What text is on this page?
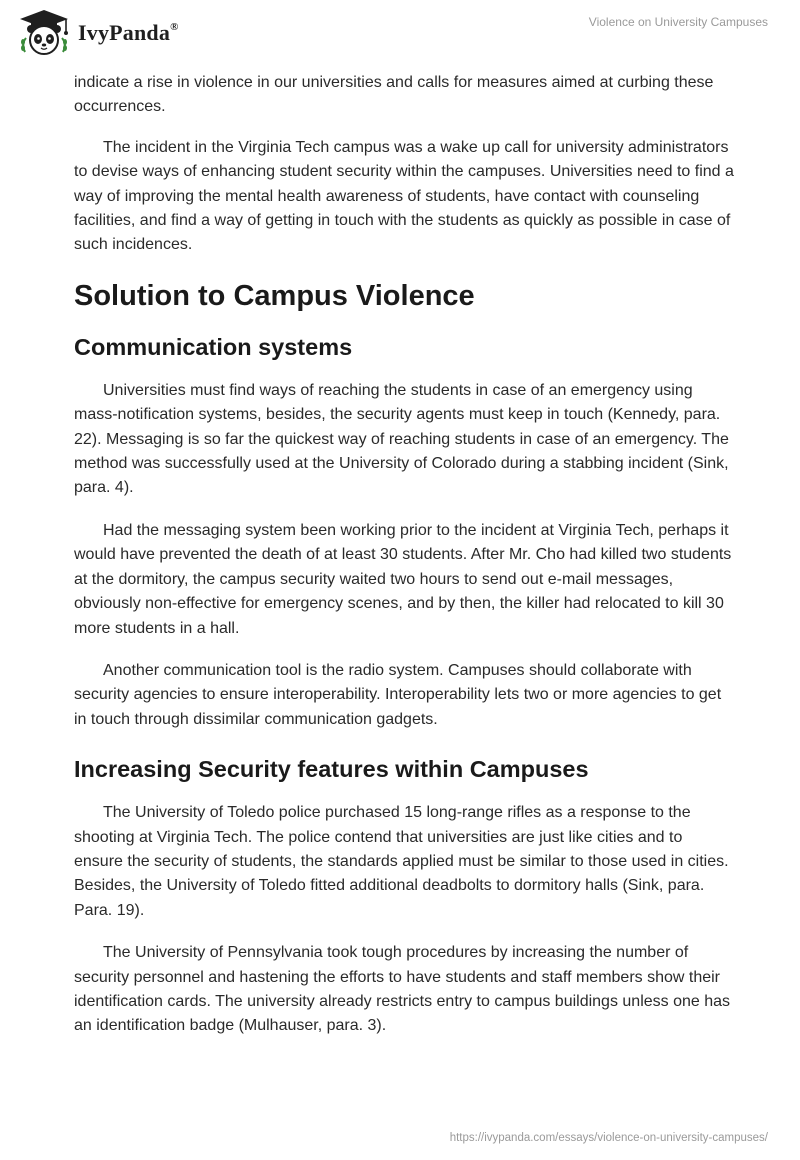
IvyPanda®	Violence on University Campuses

indicate a rise in violence in our universities and calls for measures aimed at curbing these occurrences.

The incident in the Virginia Tech campus was a wake up call for university administrators to devise ways of enhancing student security within the campuses. Universities need to find a way of improving the mental health awareness of students, have contact with counseling facilities, and find a way of getting in touch with the students as quickly as possible in case of such incidences.

Solution to Campus Violence
Communication systems

Universities must find ways of reaching the students in case of an emergency using mass-notification systems, besides, the security agents must keep in touch (Kennedy, para. 22). Messaging is so far the quickest way of reaching students in case of an emergency. The method was successfully used at the University of Colorado during a stabbing incident (Sink, para. 4).

Had the messaging system been working prior to the incident at Virginia Tech, perhaps it would have prevented the death of at least 30 students. After Mr. Cho had killed two students at the dormitory, the campus security waited two hours to send out e-mail messages, obviously non-effective for emergency scenes, and by then, the killer had relocated to kill 30 more students in a hall.

Another communication tool is the radio system. Campuses should collaborate with security agencies to ensure interoperability. Interoperability lets two or more agencies to get in touch through dissimilar communication gadgets.

Increasing Security features within Campuses

The University of Toledo police purchased 15 long-range rifles as a response to the shooting at Virginia Tech. The police contend that universities are just like cities and to ensure the security of students, the standards applied must be similar to those used in cities. Besides, the University of Toledo fitted additional deadbolts to dormitory halls (Sink, para. Para. 19).

The University of Pennsylvania took tough procedures by increasing the number of security personnel and hastening the efforts to have students and staff members show their identification cards. The university already restricts entry to campus buildings unless one has an identification badge (Mulhauser, para. 3).

https://ivypanda.com/essays/violence-on-university-campuses/
